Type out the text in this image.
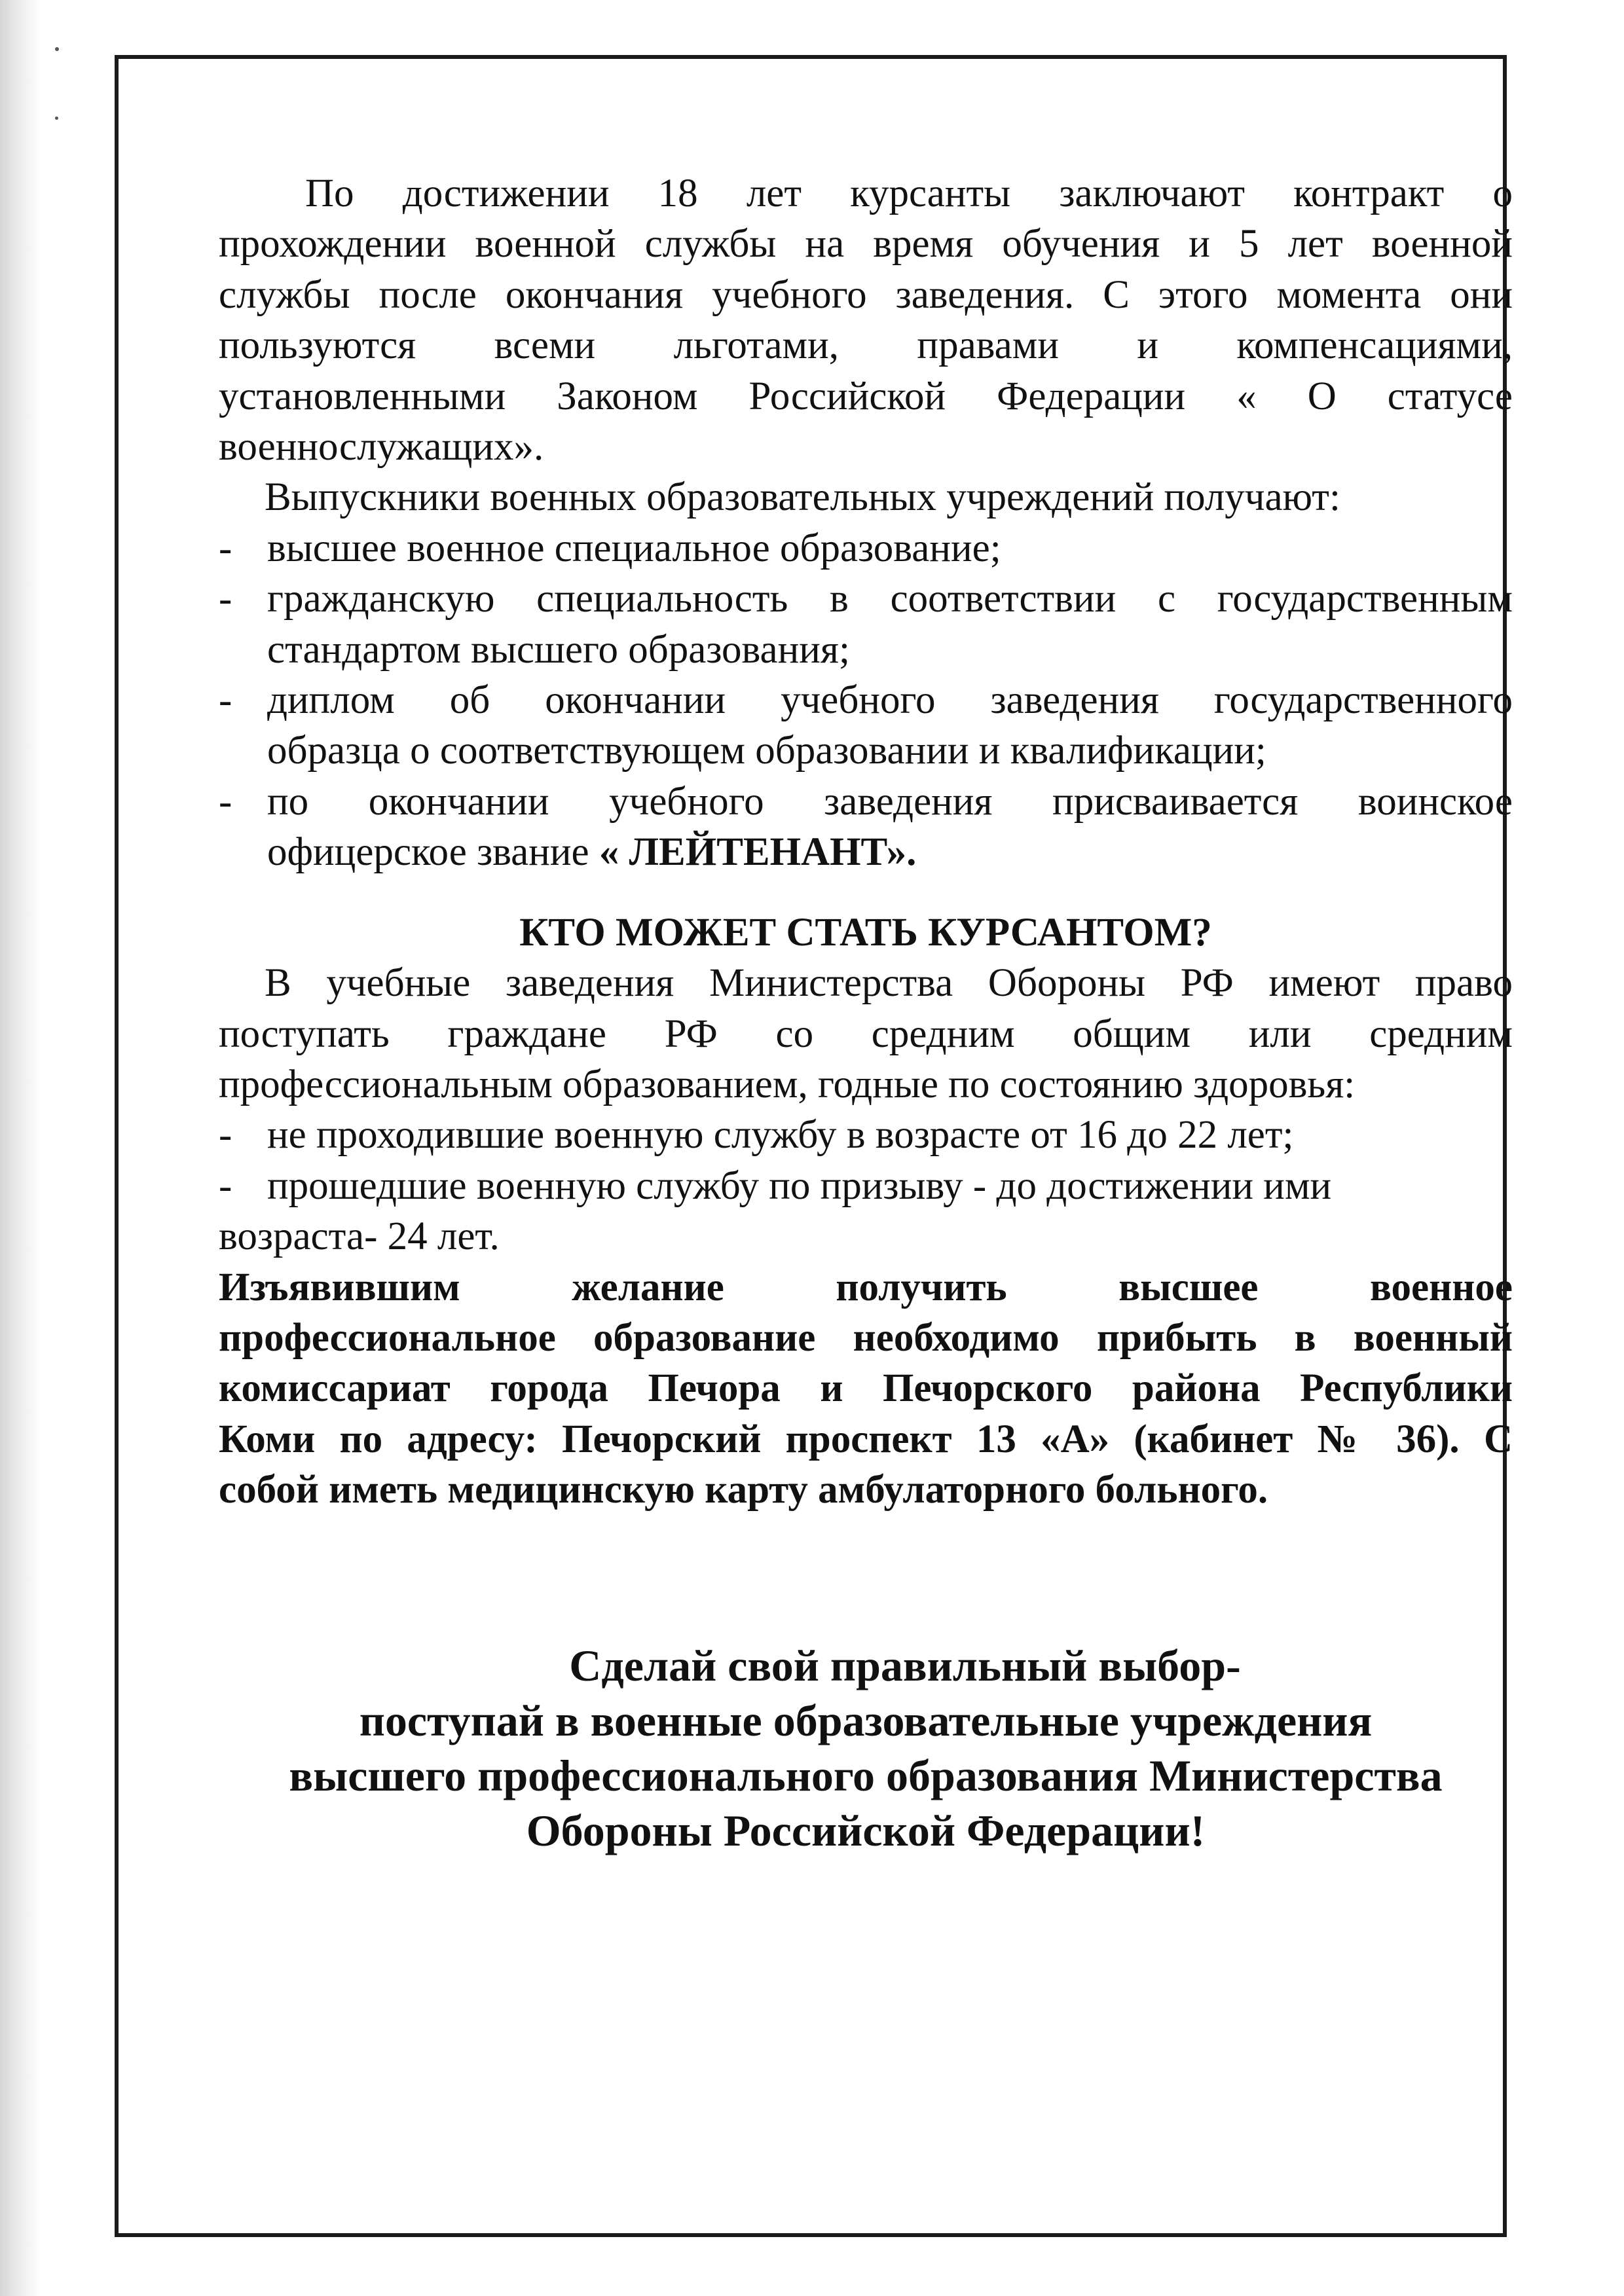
По достижении 18 лет курсанты заключают контракт о
прохождении военной службы на время обучения и 5 лет военной
службы после окончания учебного заведения. С этого момента они
пользуются всеми льготами, правами и компенсациями,
установленными Законом Российской Федерации « О статусе
военнослужащих».
Выпускники военных образовательных учреждений получают:
- высшее военное специальное образование;
- гражданскую специальность в соответствии с государственным
стандартом высшего образования;
- диплом об окончании учебного заведения государственного
образца о соответствующем образовании и квалификации;
- по окончании учебного заведения присваивается воинское
офицерское звание « ЛЕЙТЕНАНТ».
КТО МОЖЕТ СТАТЬ КУРСАНТОМ?
В учебные заведения Министерства Обороны РФ имеют право
поступать граждане РФ со средним общим или средним
профессиональным образованием, годные по состоянию здоровья:
- не проходившие военную службу в возрасте от 16 до 22 лет;
- прошедшие военную службу по призыву - до достижении ими
возраста- 24 лет.
Изъявившим желание получить высшее военное
профессиональное образование необходимо прибыть в военный
комиссариат города Печора и Печорского района Республики
Коми по адресу: Печорский проспект 13 «А» (кабинет № 36). С
собой иметь медицинскую карту амбулаторного больного.
Сделай свой правильный выбор-
поступай в военные образовательные учреждения
высшего профессионального образования Министерства
Обороны Российской Федерации!
